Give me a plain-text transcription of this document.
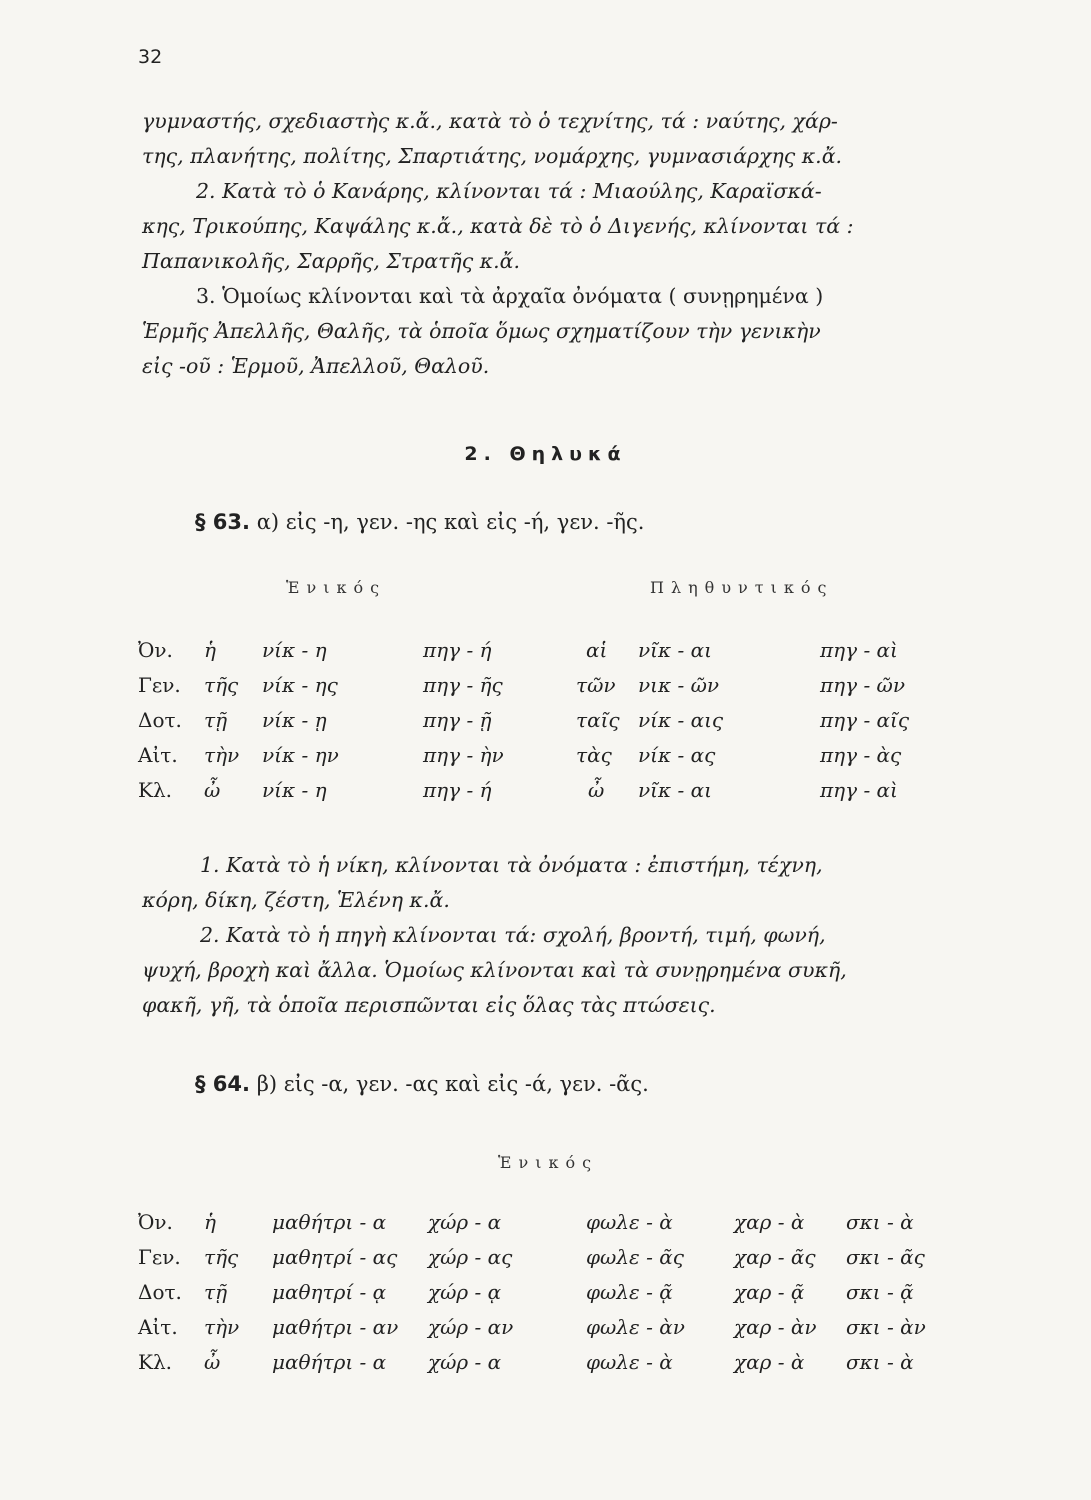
32
γυμναστής, σχεδιαστὴς κ.ἄ., κατὰ τὸ ὁ τεχνίτης, τά : ναύτης, χάρ-
της, πλανήτης, πολίτης, Σπαρτιάτης, νομάρχης, γυμνασιάρχης κ.ἄ.
2. Κατὰ τὸ ὁ Κανάρης, κλίνονται τά : Μιαούλης, Καραϊσκά-
κης, Τρικούπης, Καψάλης κ.ἄ., κατὰ δὲ τὸ ὁ Διγενής, κλίνονται τά :
Παπανικολῆς, Σαρρῆς, Στρατῆς κ.ἄ.
3. Ὁμοίως κλίνονται καὶ τὰ ἀρχαῖα ὀνόματα ( συνῃρημένα )
Ἑρμῆς Ἀπελλῆς, Θαλῆς, τὰ ὁποῖα ὅμως σχηματίζουν τὴν γενικὴν
εἰς -οῦ : Ἑρμοῦ, Ἀπελλοῦ, Θαλοῦ.
2. Θηλυκά
§ 63. α) εἰς -η, γεν. -ης καὶ εἰς -ή, γεν. -ῆς.
Ἑνικός	Πληθυντικός
Ὀν. ἡ νίκ - η	πηγ - ή	αἱ νῖκ - αι	πηγ - αὶ
Γεν. τῆς νίκ - ης	πηγ - ῆς	τῶν νικ - ῶν	πηγ - ῶν
Δοτ. τῇ νίκ - ῃ	πηγ - ῇ	ταῖς νίκ - αις	πηγ - αῖς
Αἰτ. τὴν νίκ - ην	πηγ - ὴν	τὰς νίκ - ας	πηγ - ὰς
Κλ. ὦ νίκ - η	πηγ - ή	ὦ νῖκ - αι	πηγ - αὶ
1. Κατὰ τὸ ἡ νίκη, κλίνονται τὰ ὀνόματα : ἐπιστήμη, τέχνη,
κόρη, δίκη, ζέστη, Ἑλένη κ.ἄ.
2. Κατὰ τὸ ἡ πηγὴ κλίνονται τά: σχολή, βροντή, τιμή, φωνή,
ψυχή, βροχὴ καὶ ἄλλα. Ὁμοίως κλίνονται καὶ τὰ συνῃρημένα συκῆ,
φακῆ, γῆ, τὰ ὁποῖα περισπῶνται εἰς ὅλας τὰς πτώσεις.
§ 64. β) εἰς -α, γεν. -ας καὶ εἰς -ά, γεν. -ᾶς.
Ἑνικός
Ὀν. ἡ	μαθήτρι - α χώρ - α	φωλε - ὰ	χαρ - ὰ σκι - ὰ
Γεν. τῆς μαθητρί - ας χώρ - ας	φωλε - ᾶς	χαρ - ᾶς σκι - ᾶς
Δοτ. τῇ μαθητρί - ᾳ χώρ - ᾳ	φωλε - ᾷ	χαρ - ᾷ σκι - ᾷ
Αἰτ. τὴν μαθήτρι - αν χώρ - αν	φωλε - ὰν χαρ - ὰν σκι - ὰν
Κλ. ὦ	μαθήτρι - α χώρ - α	φωλε - ὰ	χαρ - ὰ σκι - ὰ
